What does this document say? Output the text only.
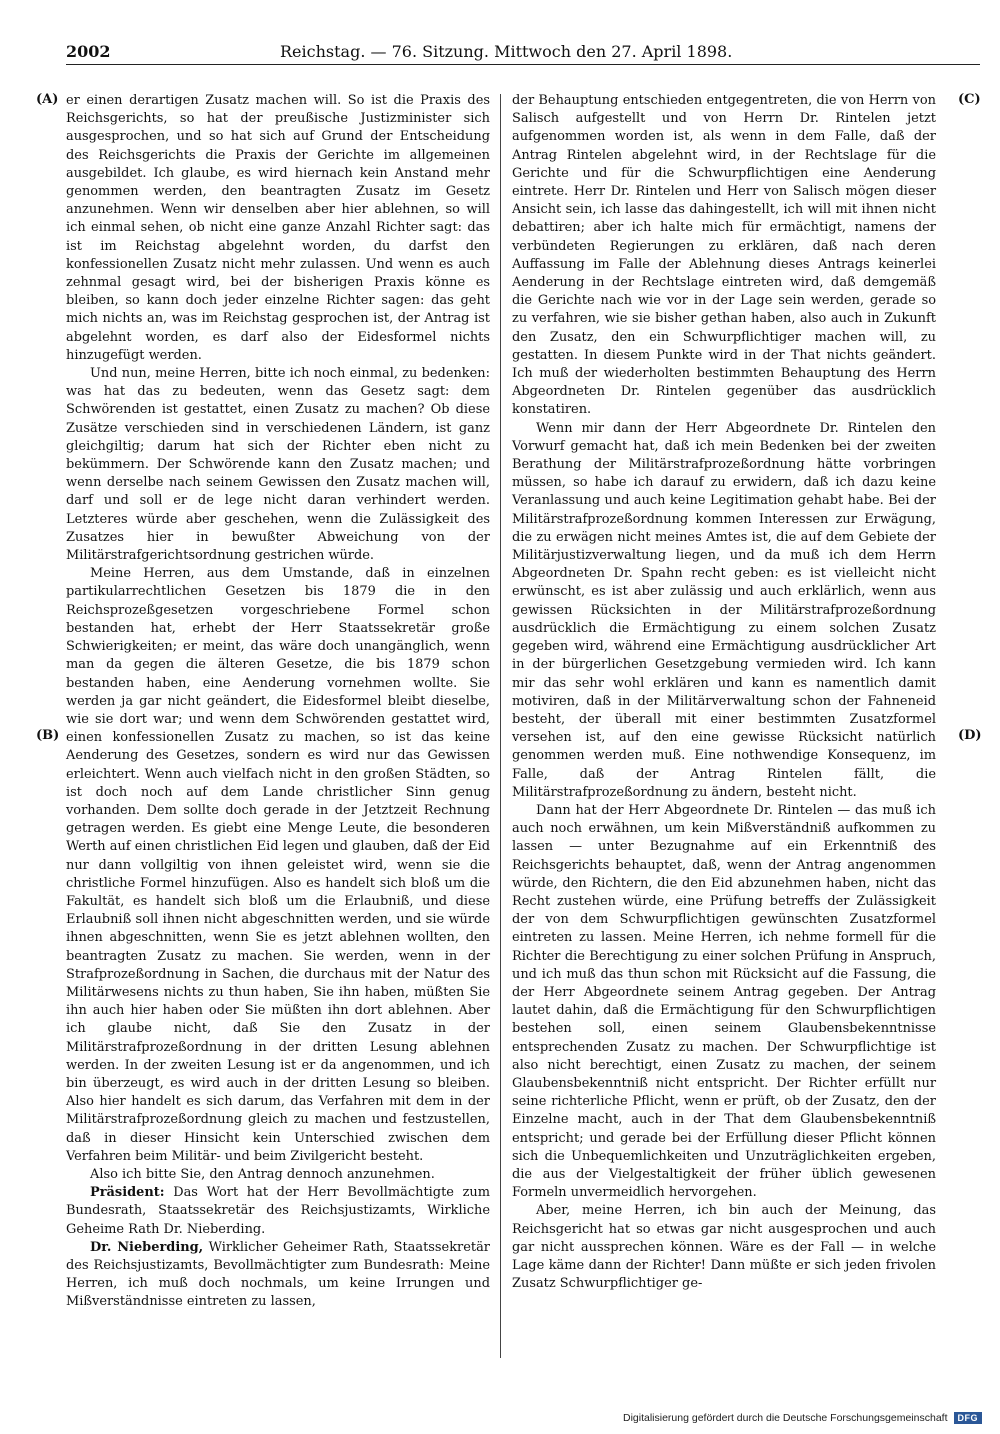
2002	Reichstag. — 76. Sitzung. Mittwoch den 27. April 1898.
(A)
(B)
(C)
(D)

er einen derartigen Zusatz machen will. So ist die Praxis des Reichsgerichts, so hat der preußische Justizminister sich ausgesprochen, und so hat sich auf Grund der Entscheidung des Reichsgerichts die Praxis der Gerichte im allgemeinen ausgebildet. Ich glaube, es wird hiernach kein Anstand mehr genommen werden, den beantragten Zusatz im Gesetz anzunehmen. Wenn wir denselben aber hier ablehnen, so will ich einmal sehen, ob nicht eine ganze Anzahl Richter sagt: das ist im Reichstag abgelehnt worden, du darfst den konfessionellen Zusatz nicht mehr zulassen. Und wenn es auch zehnmal gesagt wird, bei der bisherigen Praxis könne es bleiben, so kann doch jeder einzelne Richter sagen: das geht mich nichts an, was im Reichstag gesprochen ist, der Antrag ist abgelehnt worden, es darf also der Eidesformel nichts hinzugefügt werden.

Und nun, meine Herren, bitte ich noch einmal, zu bedenken: was hat das zu bedeuten, wenn das Gesetz sagt: dem Schwörenden ist gestattet, einen Zusatz zu machen? Ob diese Zusätze verschieden sind in verschiedenen Ländern, ist ganz gleichgiltig; darum hat sich der Richter eben nicht zu bekümmern. Der Schwörende kann den Zusatz machen; und wenn derselbe nach seinem Gewissen den Zusatz machen will, darf und soll er de lege nicht daran verhindert werden. Letzteres würde aber geschehen, wenn die Zulässigkeit des Zusatzes hier in bewußter Abweichung von der Militärstrafgerichtsordnung gestrichen würde.

Meine Herren, aus dem Umstande, daß in einzelnen partikularrechtlichen Gesetzen bis 1879 die in den Reichsprozeßgesetzen vorgeschriebene Formel schon bestanden hat, erhebt der Herr Staatssekretär große Schwierigkeiten; er meint, das wäre doch unangänglich, wenn man da gegen die älteren Gesetze, die bis 1879 schon bestanden haben, eine Aenderung vornehmen wollte. Sie werden ja gar nicht geändert, die Eidesformel bleibt dieselbe, wie sie dort war; und wenn dem Schwörenden gestattet wird, einen konfessionellen Zusatz zu machen, so ist das keine Aenderung des Gesetzes, sondern es wird nur das Gewissen erleichtert. Wenn auch vielfach nicht in den großen Städten, so ist doch noch auf dem Lande christlicher Sinn genug vorhanden. Dem sollte doch gerade in der Jetztzeit Rechnung getragen werden. Es giebt eine Menge Leute, die besonderen Werth auf einen christlichen Eid legen und glauben, daß der Eid nur dann vollgiltig von ihnen geleistet wird, wenn sie die christliche Formel hinzufügen. Also es handelt sich bloß um die Fakultät, es handelt sich bloß um die Erlaubniß, und diese Erlaubniß soll ihnen nicht abgeschnitten werden, und sie würde ihnen abgeschnitten, wenn Sie es jetzt ablehnen wollten, den beantragten Zusatz zu machen. Sie werden, wenn in der Strafprozeßordnung in Sachen, die durchaus mit der Natur des Militärwesens nichts zu thun haben, Sie ihn haben, müßten Sie ihn auch hier haben oder Sie müßten ihn dort ablehnen. Aber ich glaube nicht, daß Sie den Zusatz in der Militärstrafprozeßordnung in der dritten Lesung ablehnen werden. In der zweiten Lesung ist er da angenommen, und ich bin überzeugt, es wird auch in der dritten Lesung so bleiben. Also hier handelt es sich darum, das Verfahren mit dem in der Militärstrafprozeßordnung gleich zu machen und festzustellen, daß in dieser Hinsicht kein Unterschied zwischen dem Verfahren beim Militär- und beim Zivilgericht besteht.

Also ich bitte Sie, den Antrag dennoch anzunehmen.

Präsident: Das Wort hat der Herr Bevollmächtigte zum Bundesrath, Staatssekretär des Reichsjustizamts, Wirkliche Geheime Rath Dr. Nieberding.

Dr. Nieberding, Wirklicher Geheimer Rath, Staatssekretär des Reichsjustizamts, Bevollmächtigter zum Bundesrath: Meine Herren, ich muß doch nochmals, um keine Irrungen und Mißverständnisse eintreten zu lassen,

der Behauptung entschieden entgegentreten, die von Herrn von Salisch aufgestellt und von Herrn Dr. Rintelen jetzt aufgenommen worden ist, als wenn in dem Falle, daß der Antrag Rintelen abgelehnt wird, in der Rechtslage für die Gerichte und für die Schwurpflichtigen eine Aenderung eintrete. Herr Dr. Rintelen und Herr von Salisch mögen dieser Ansicht sein, ich lasse das dahingestellt, ich will mit ihnen nicht debattiren; aber ich halte mich für ermächtigt, namens der verbündeten Regierungen zu erklären, daß nach deren Auffassung im Falle der Ablehnung dieses Antrags keinerlei Aenderung in der Rechtslage eintreten wird, daß demgemäß die Gerichte nach wie vor in der Lage sein werden, gerade so zu verfahren, wie sie bisher gethan haben, also auch in Zukunft den Zusatz, den ein Schwurpflichtiger machen will, zu gestatten. In diesem Punkte wird in der That nichts geändert. Ich muß der wiederholten bestimmten Behauptung des Herrn Abgeordneten Dr. Rintelen gegenüber das ausdrücklich konstatiren.

Wenn mir dann der Herr Abgeordnete Dr. Rintelen den Vorwurf gemacht hat, daß ich mein Bedenken bei der zweiten Berathung der Militärstrafprozeßordnung hätte vorbringen müssen, so habe ich darauf zu erwidern, daß ich dazu keine Veranlassung und auch keine Legitimation gehabt habe. Bei der Militärstrafprozeßordnung kommen Interessen zur Erwägung, die zu erwägen nicht meines Amtes ist, die auf dem Gebiete der Militärjustizverwaltung liegen, und da muß ich dem Herrn Abgeordneten Dr. Spahn recht geben: es ist vielleicht nicht erwünscht, es ist aber zulässig und auch erklärlich, wenn aus gewissen Rücksichten in der Militärstrafprozeßordnung ausdrücklich die Ermächtigung zu einem solchen Zusatz gegeben wird, während eine Ermächtigung ausdrücklicher Art in der bürgerlichen Gesetzgebung vermieden wird. Ich kann mir das sehr wohl erklären und kann es namentlich damit motiviren, daß in der Militärverwaltung schon der Fahneneid besteht, der überall mit einer bestimmten Zusatzformel versehen ist, auf den eine gewisse Rücksicht natürlich genommen werden muß. Eine nothwendige Konsequenz, im Falle, daß der Antrag Rintelen fällt, die Militärstrafprozeßordnung zu ändern, besteht nicht.

Dann hat der Herr Abgeordnete Dr. Rintelen — das muß ich auch noch erwähnen, um kein Mißverständniß aufkommen zu lassen — unter Bezugnahme auf ein Erkenntniß des Reichsgerichts behauptet, daß, wenn der Antrag angenommen würde, den Richtern, die den Eid abzunehmen haben, nicht das Recht zustehen würde, eine Prüfung betreffs der Zulässigkeit der von dem Schwurpflichtigen gewünschten Zusatzformel eintreten zu lassen. Meine Herren, ich nehme formell für die Richter die Berechtigung zu einer solchen Prüfung in Anspruch, und ich muß das thun schon mit Rücksicht auf die Fassung, die der Herr Abgeordnete seinem Antrag gegeben. Der Antrag lautet dahin, daß die Ermächtigung für den Schwurpflichtigen bestehen soll, einen seinem Glaubensbekenntnisse entsprechenden Zusatz zu machen. Der Schwurpflichtige ist also nicht berechtigt, einen Zusatz zu machen, der seinem Glaubensbekenntniß nicht entspricht. Der Richter erfüllt nur seine richterliche Pflicht, wenn er prüft, ob der Zusatz, den der Einzelne macht, auch in der That dem Glaubensbekenntniß entspricht; und gerade bei der Erfüllung dieser Pflicht können sich die Unbequemlichkeiten und Unzuträglichkeiten ergeben, die aus der Vielgestaltigkeit der früher üblich gewesenen Formeln unvermeidlich hervorgehen.

Aber, meine Herren, ich bin auch der Meinung, das Reichsgericht hat so etwas gar nicht ausgesprochen und auch gar nicht aussprechen können. Wäre es der Fall — in welche Lage käme dann der Richter! Dann müßte er sich jeden frivolen Zusatz Schwurpflichtiger ge-

Digitalisierung gefördert durch die Deutsche Forschungsgemeinschaft	DFG
